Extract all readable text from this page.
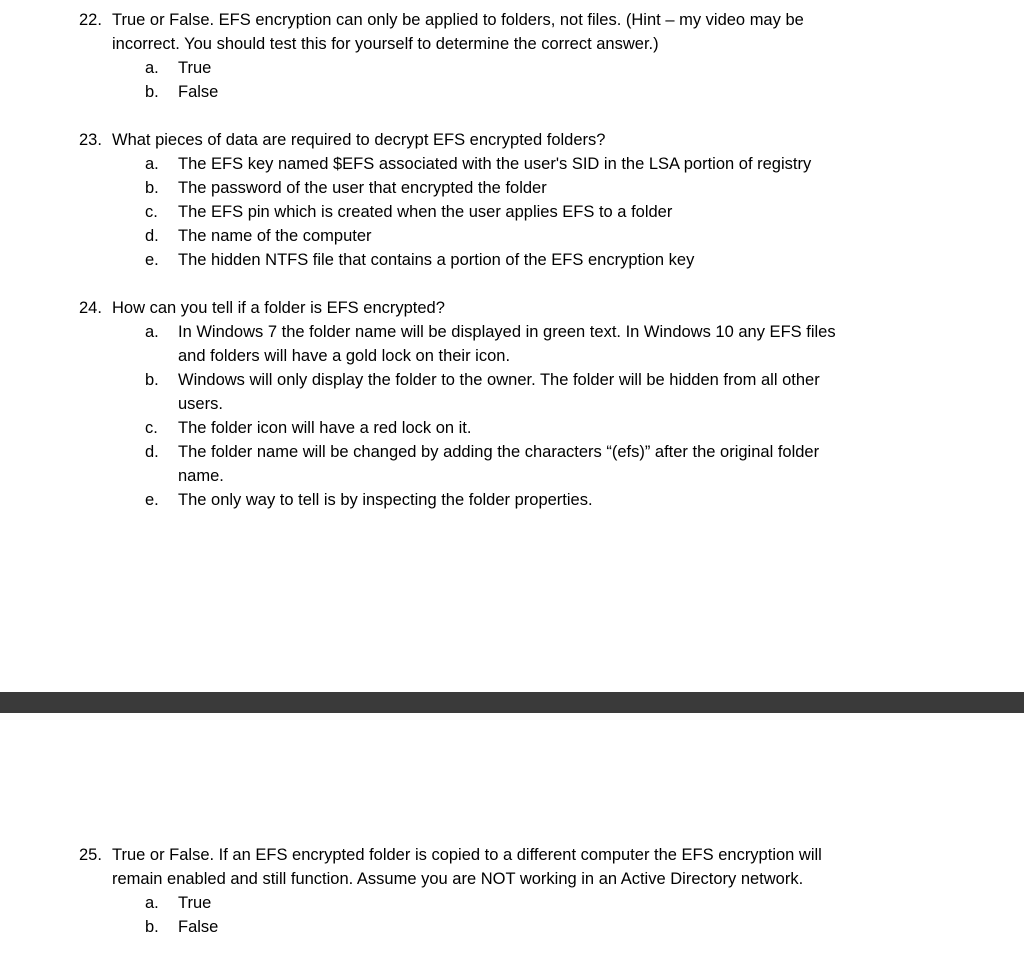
22. True or False. EFS encryption can only be applied to folders, not files. (Hint – my video may be
incorrect. You should test this for yourself to determine the correct answer.)
a. True
b. False
23. What pieces of data are required to decrypt EFS encrypted folders?
a. The EFS key named $EFS associated with the user's SID in the LSA portion of registry
b. The password of the user that encrypted the folder
c. The EFS pin which is created when the user applies EFS to a folder
d. The name of the computer
e. The hidden NTFS file that contains a portion of the EFS encryption key
24. How can you tell if a folder is EFS encrypted?
a. In Windows 7 the folder name will be displayed in green text. In Windows 10 any EFS files
and folders will have a gold lock on their icon.
b. Windows will only display the folder to the owner. The folder will be hidden from all other
users.
c. The folder icon will have a red lock on it.
d. The folder name will be changed by adding the characters “(efs)” after the original folder
name.
e. The only way to tell is by inspecting the folder properties.
25. True or False. If an EFS encrypted folder is copied to a different computer the EFS encryption will
remain enabled and still function. Assume you are NOT working in an Active Directory network.
a. True
b. False
